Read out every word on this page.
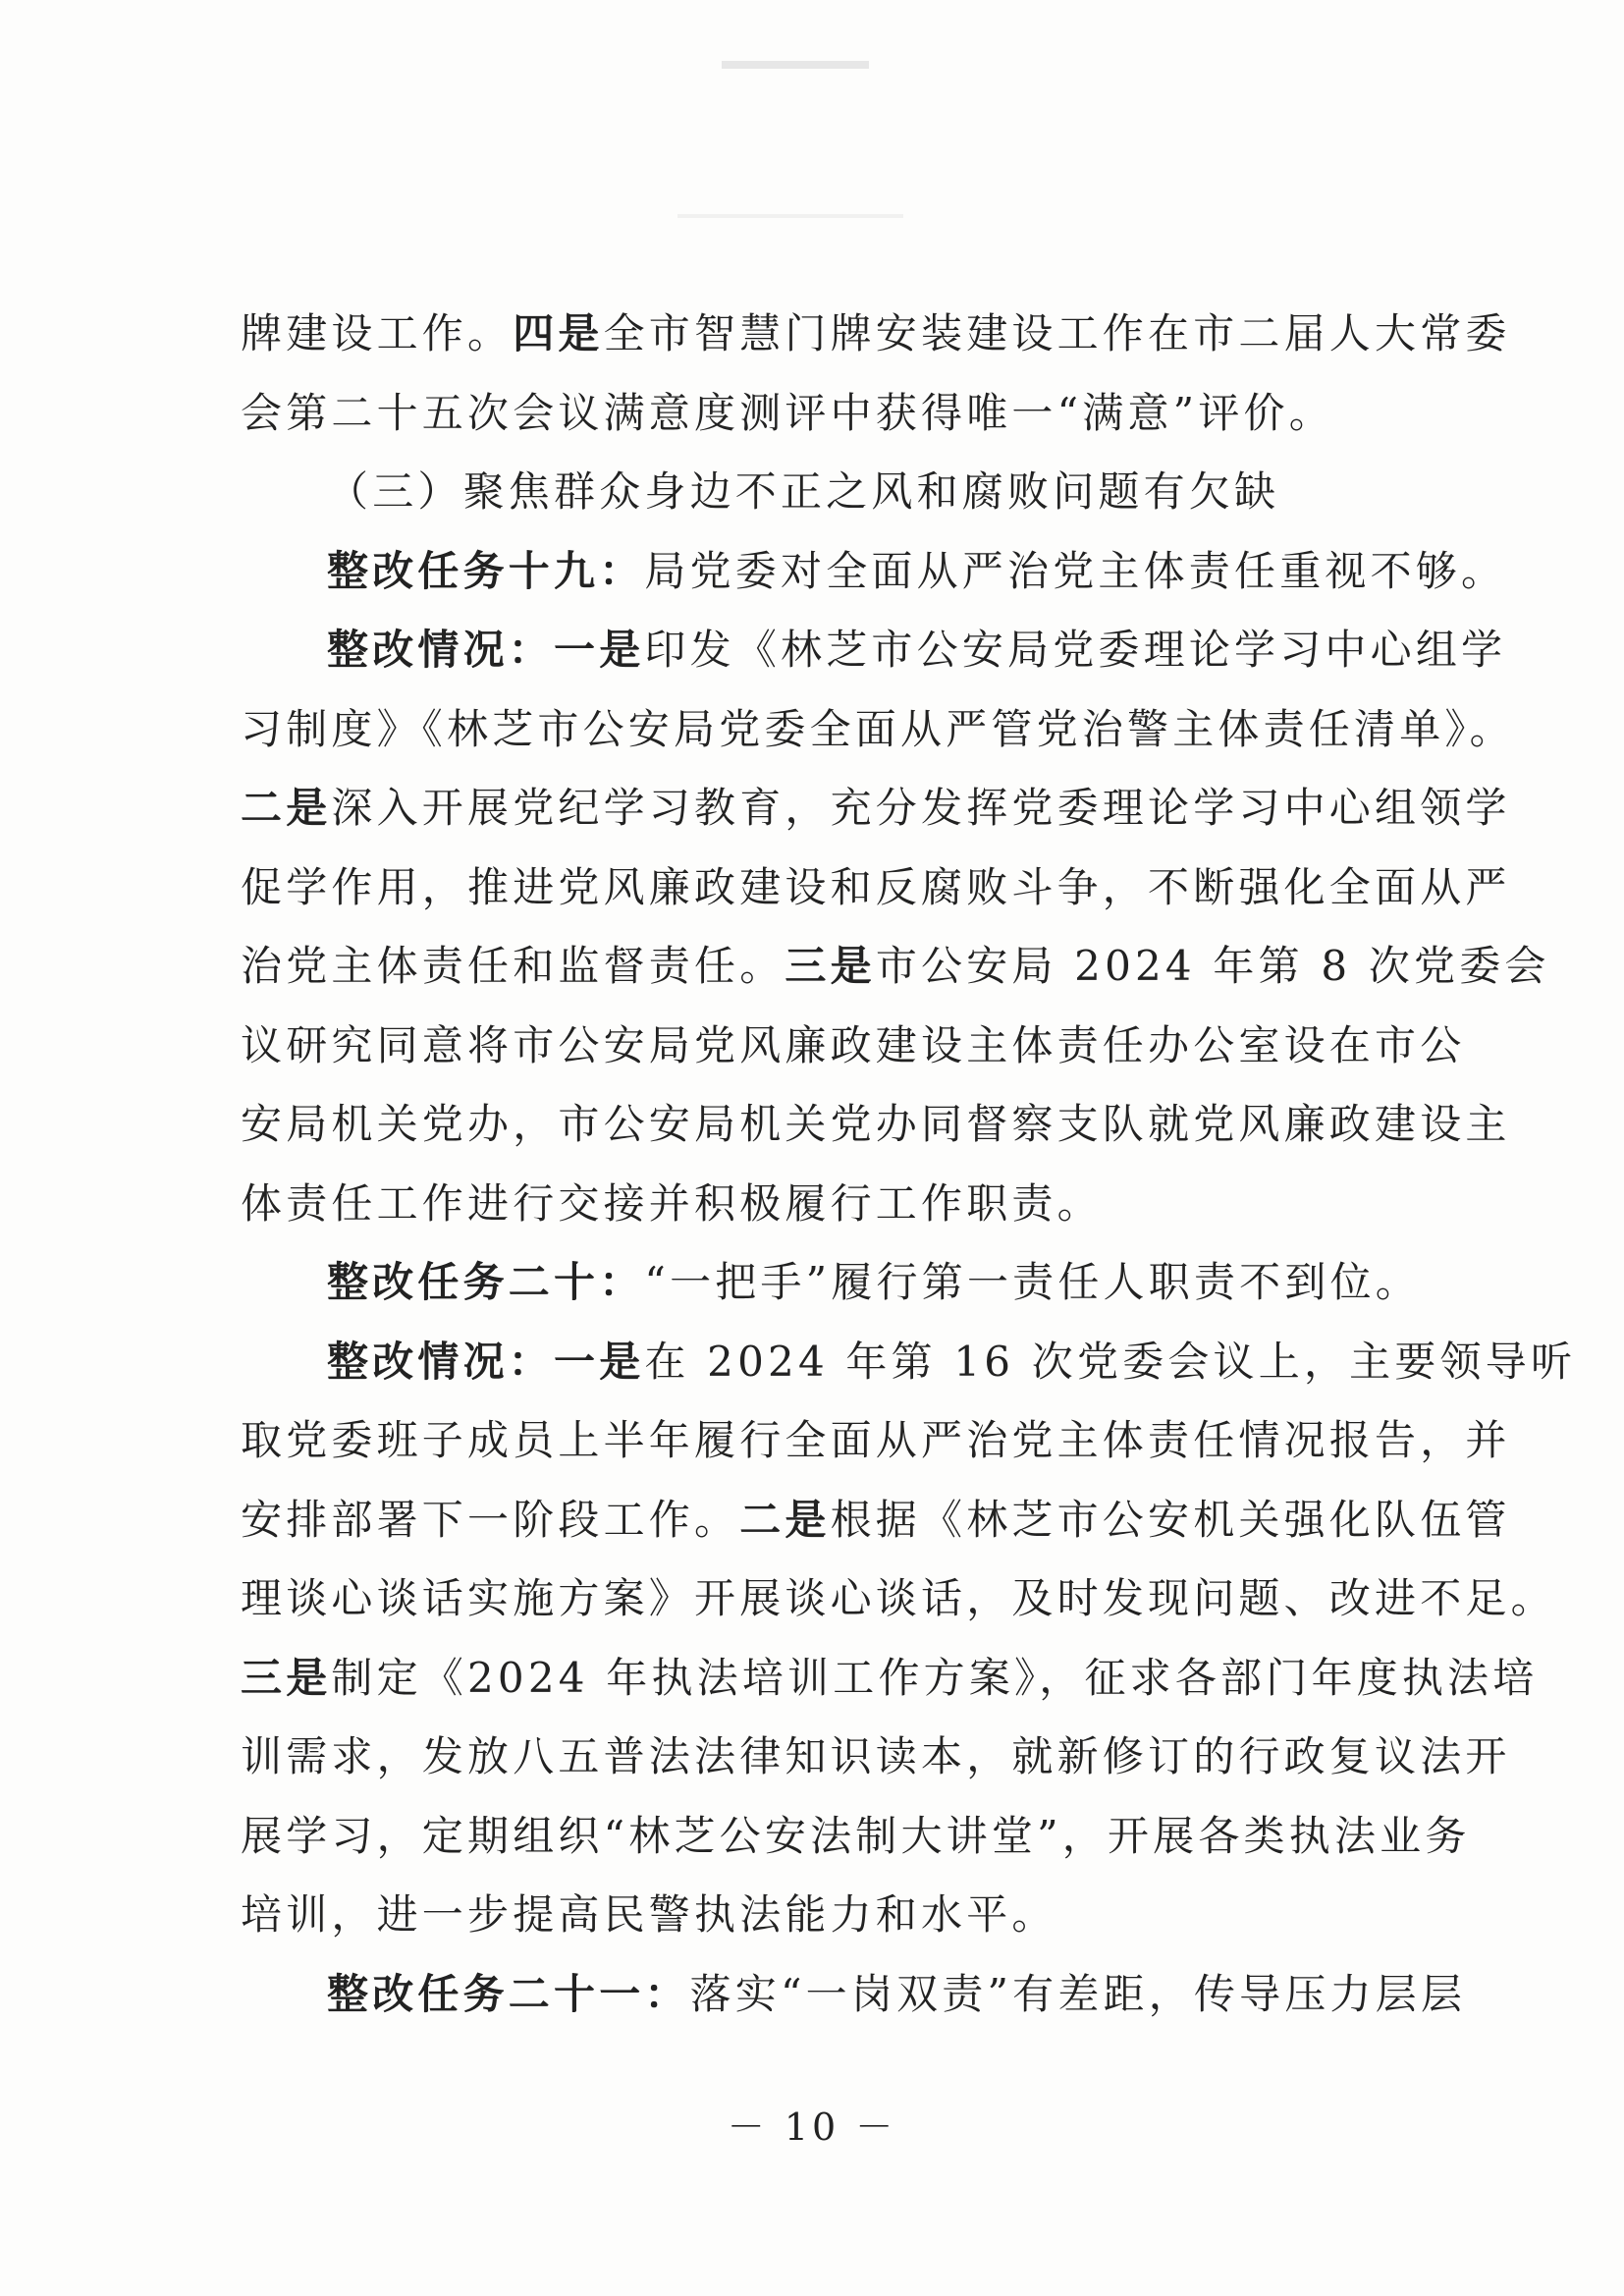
牌建设工作。四是全市智慧门牌安装建设工作在市二届人大常委
会第二十五次会议满意度测评中获得唯一“满意”评价。
（三）聚焦群众身边不正之风和腐败问题有欠缺
整改任务十九：局党委对全面从严治党主体责任重视不够。
整改情况：一是印发《林芝市公安局党委理论学习中心组学
习制度》《林芝市公安局党委全面从严管党治警主体责任清单》。
二是深入开展党纪学习教育，充分发挥党委理论学习中心组领学
促学作用，推进党风廉政建设和反腐败斗争，不断强化全面从严
治党主体责任和监督责任。三是市公安局 2024 年第 8 次党委会
议研究同意将市公安局党风廉政建设主体责任办公室设在市公
安局机关党办，市公安局机关党办同督察支队就党风廉政建设主
体责任工作进行交接并积极履行工作职责。
整改任务二十：“一把手”履行第一责任人职责不到位。
整改情况：一是在 2024 年第 16 次党委会议上，主要领导听
取党委班子成员上半年履行全面从严治党主体责任情况报告，并
安排部署下一阶段工作。二是根据《林芝市公安机关强化队伍管
理谈心谈话实施方案》开展谈心谈话，及时发现问题、改进不足。
三是制定《2024 年执法培训工作方案》，征求各部门年度执法培
训需求，发放八五普法法律知识读本，就新修订的行政复议法开
展学习，定期组织“林芝公安法制大讲堂”，开展各类执法业务
培训，进一步提高民警执法能力和水平。
整改任务二十一：落实“一岗双责”有差距，传导压力层层
－ 10 －
